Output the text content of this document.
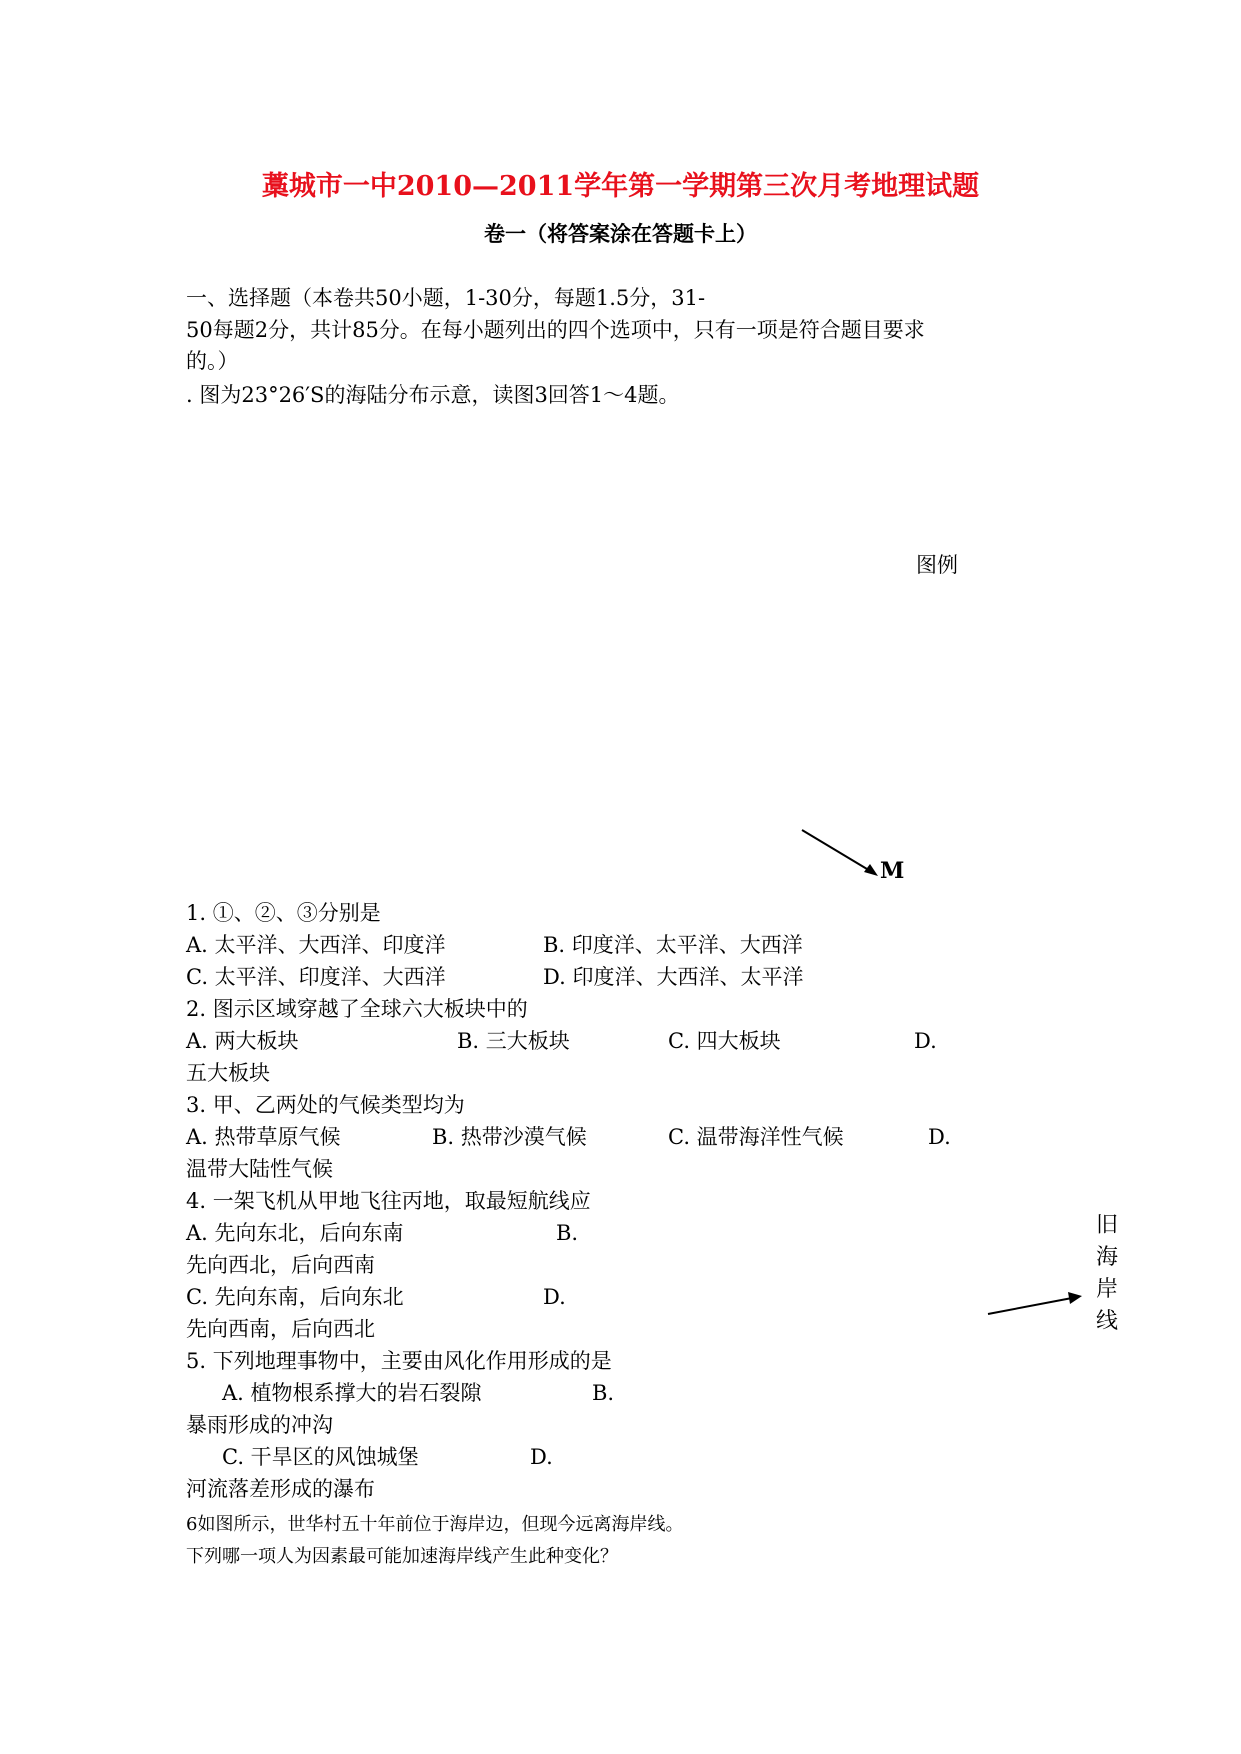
藁城市一中2010—2011学年第一学期第三次月考地理试题
卷一（将答案涂在答题卡上）
一、选择题（本卷共50小题，1-30分，每题1.5分，31-
50每题2分，共计85分。在每小题列出的四个选项中，只有一项是符合题目要求
的。）
. 图为23°26′S的海陆分布示意，读图3回答1～4题。
图例
M
1. ①、②、③分别是
A. 太平洋、大西洋、印度洋	B. 印度洋、太平洋、大西洋
C. 太平洋、印度洋、大西洋	D. 印度洋、大西洋、太平洋
2. 图示区域穿越了全球六大板块中的
A. 两大板块	B. 三大板块	C. 四大板块	D.
五大板块
3. 甲、乙两处的气候类型均为
A. 热带草原气候	B. 热带沙漠气候	C. 温带海洋性气候	D.
温带大陆性气候
4. 一架飞机从甲地飞往丙地，取最短航线应
A. 先向东北，后向东南	B.
先向西北，后向西南
C. 先向东南，后向东北	D.
先向西南，后向西北
5. 下列地理事物中，主要由风化作用形成的是
A. 植物根系撑大的岩石裂隙	B.
暴雨形成的冲沟
C. 干旱区的风蚀城堡	D.
河流落差形成的瀑布
6如图所示，世华村五十年前位于海岸边，但现今远离海岸线。
下列哪一项人为因素最可能加速海岸线产生此种变化？
旧
海
岸
线
